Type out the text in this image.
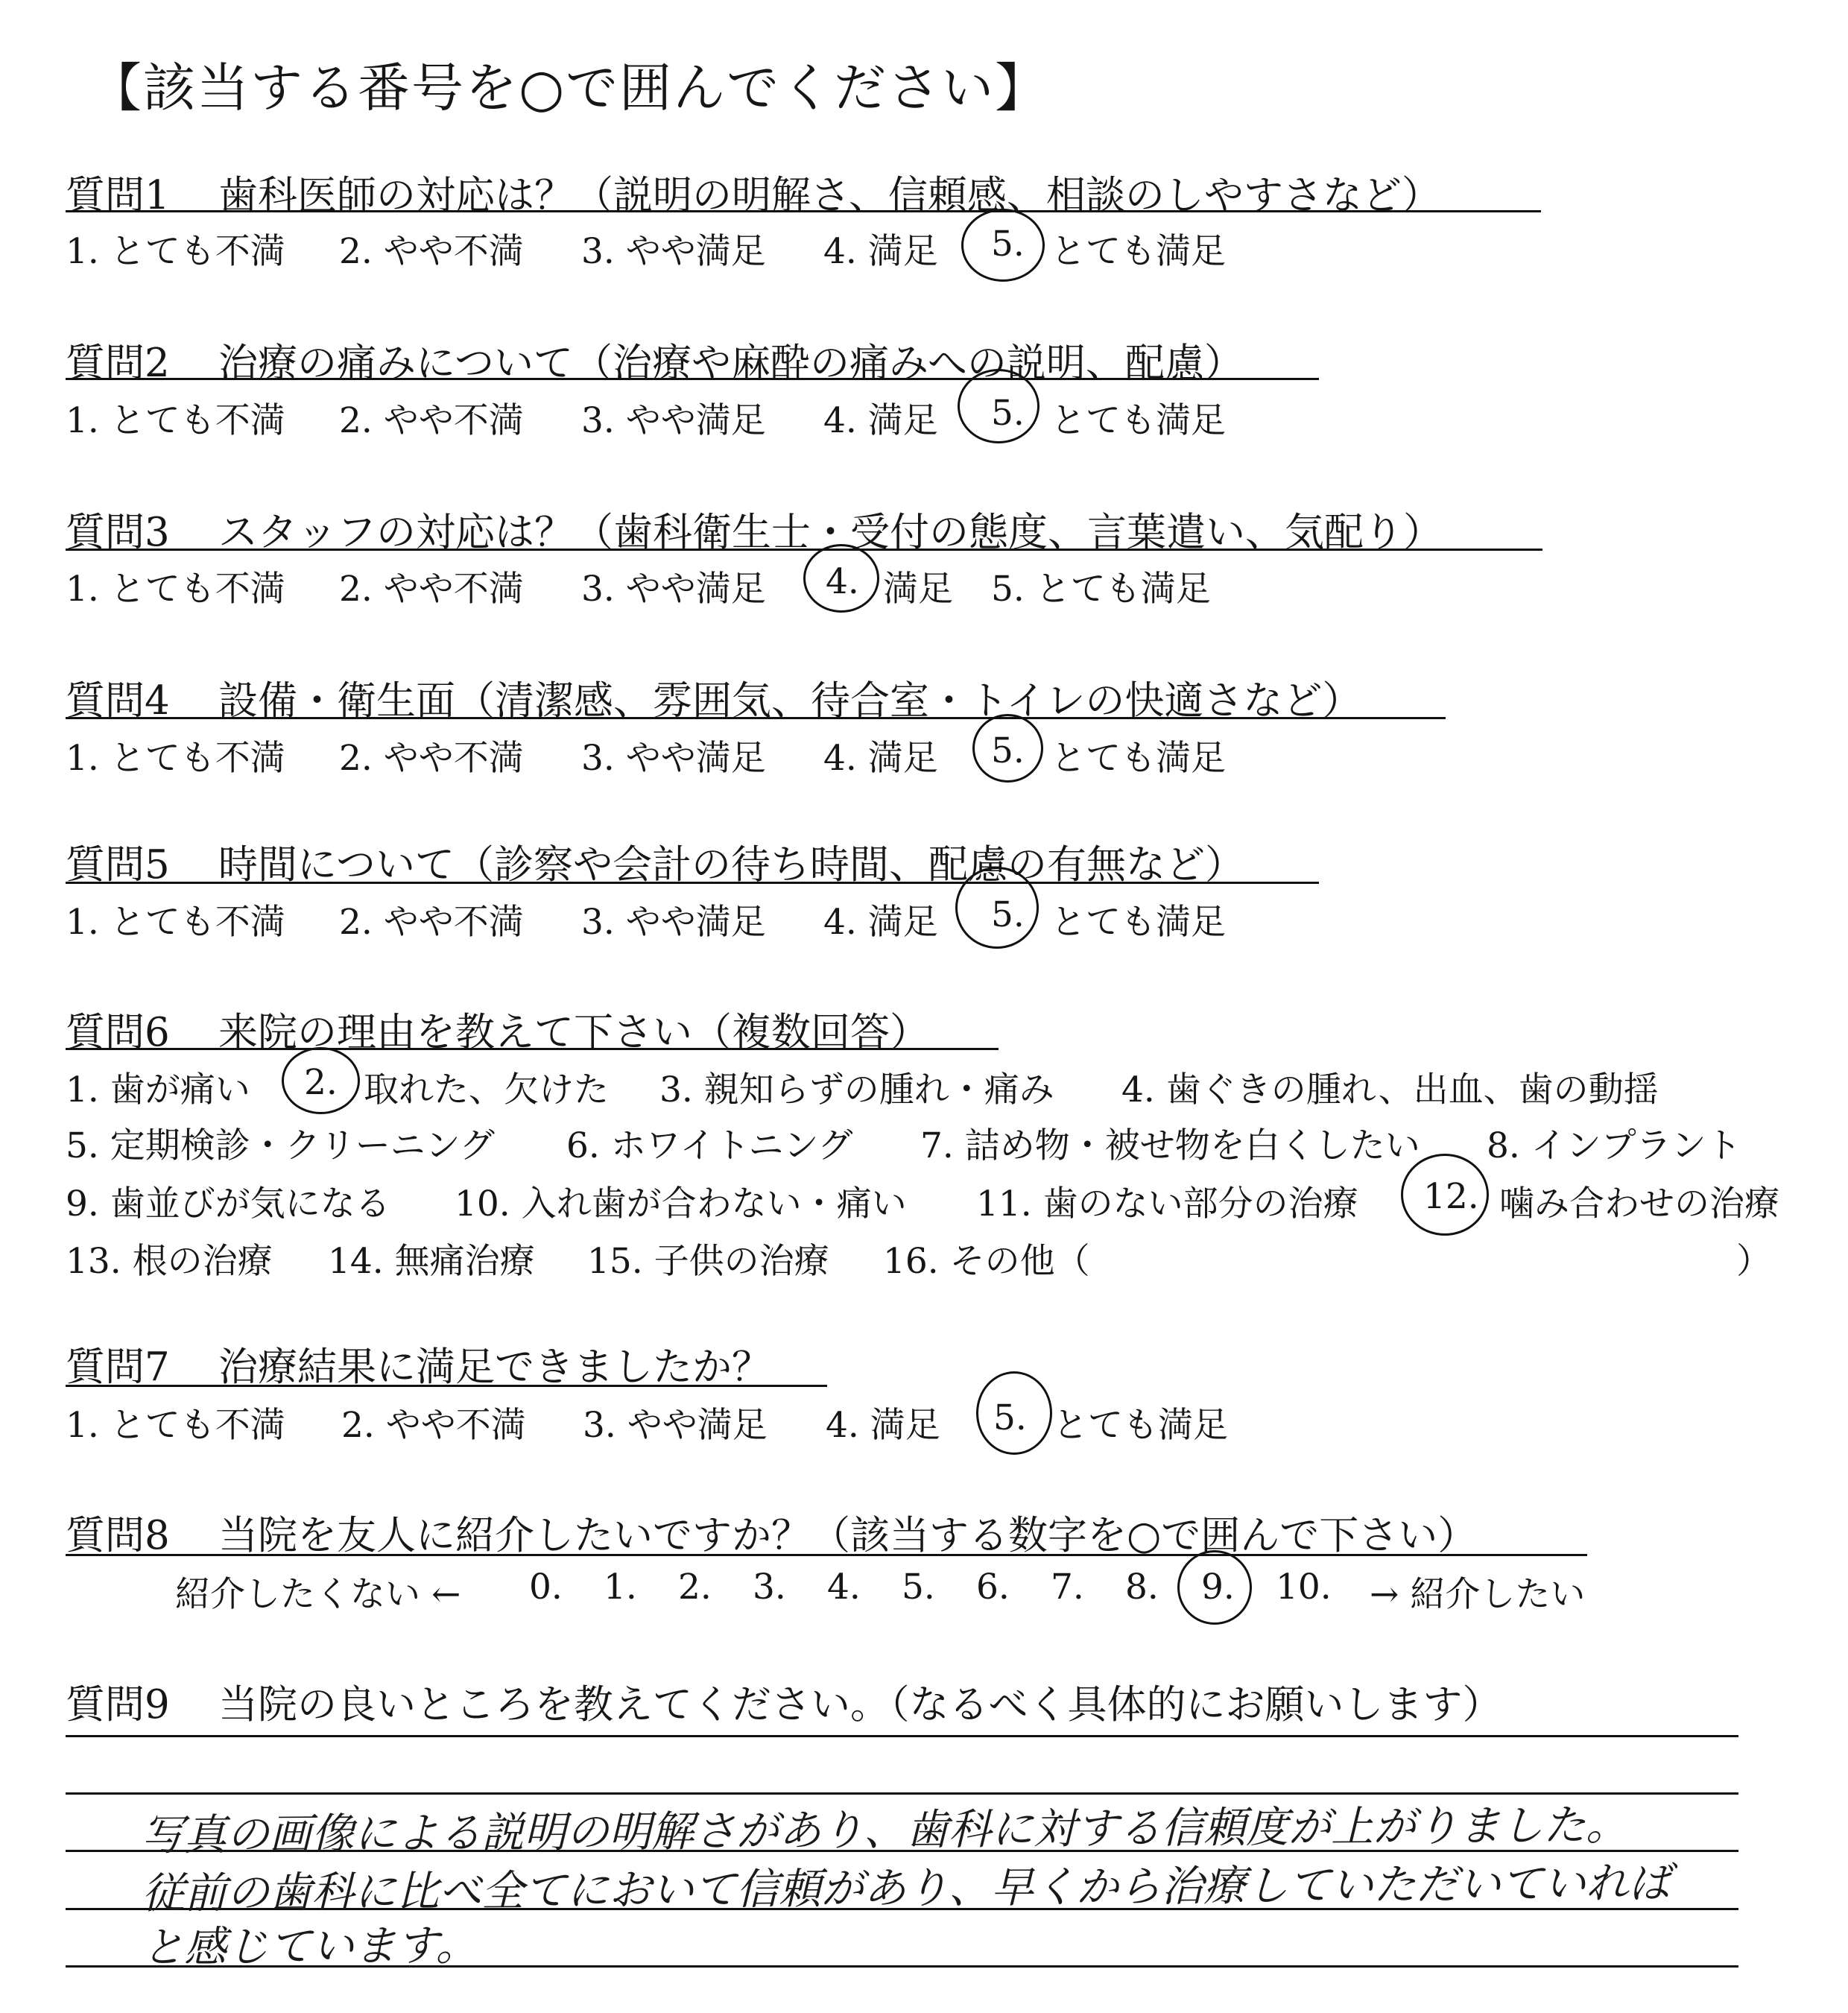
【該当する番号を○で囲んでください】
質問1 歯科医師の対応は？（説明の明解さ、信頼感、相談のしやすさなど）
1. とても不満 2. やや不満 3. やや満足 4. 満足 5. とても満足
質問2 治療の痛みについて（治療や麻酔の痛みへの説明、配慮）
1. とても不満 2. やや不満 3. やや満足 4. 満足 5. とても満足
質問3 スタッフの対応は？（歯科衛生士・受付の態度、言葉遣い、気配り）
1. とても不満 2. やや不満 3. やや満足 4. 満足 5. とても満足
質問4 設備・衛生面（清潔感、雰囲気、待合室・トイレの快適さなど）
1. とても不満 2. やや不満 3. やや満足 4. 満足 5. とても満足
質問5 時間について（診察や会計の待ち時間、配慮の有無など）
1. とても不満 2. やや不満 3. やや満足 4. 満足 5. とても満足
質問6 来院の理由を教えて下さい（複数回答）
1. 歯が痛い 2. 取れた、欠けた 3. 親知らずの腫れ・痛み 4. 歯ぐきの腫れ、出血、歯の動揺
5. 定期検診・クリーニング 6. ホワイトニング 7. 詰め物・被せ物を白くしたい 8. インプラント
9. 歯並びが気になる 10. 入れ歯が合わない・痛い 11. 歯のない部分の治療 12. 噛み合わせの治療
13. 根の治療 14. 無痛治療 15. 子供の治療 16. その他（	）
質問7 治療結果に満足できましたか？
1. とても不満 2. やや不満 3. やや満足 4. 満足 5. とても満足
質問8 当院を友人に紹介したいですか？（該当する数字を○で囲んで下さい）
紹介したくない ← 0. 1. 2. 3. 4. 5. 6. 7. 8. 9. 10. → 紹介したい
質問9 当院の良いところを教えてください。（なるべく具体的にお願いします）
写真の画像による説明の明解さがあり、歯科に対する信頼度が上がりました。
従前の歯科に比べ全てにおいて信頼があり、早くから治療していただいていれば
と感じています。
